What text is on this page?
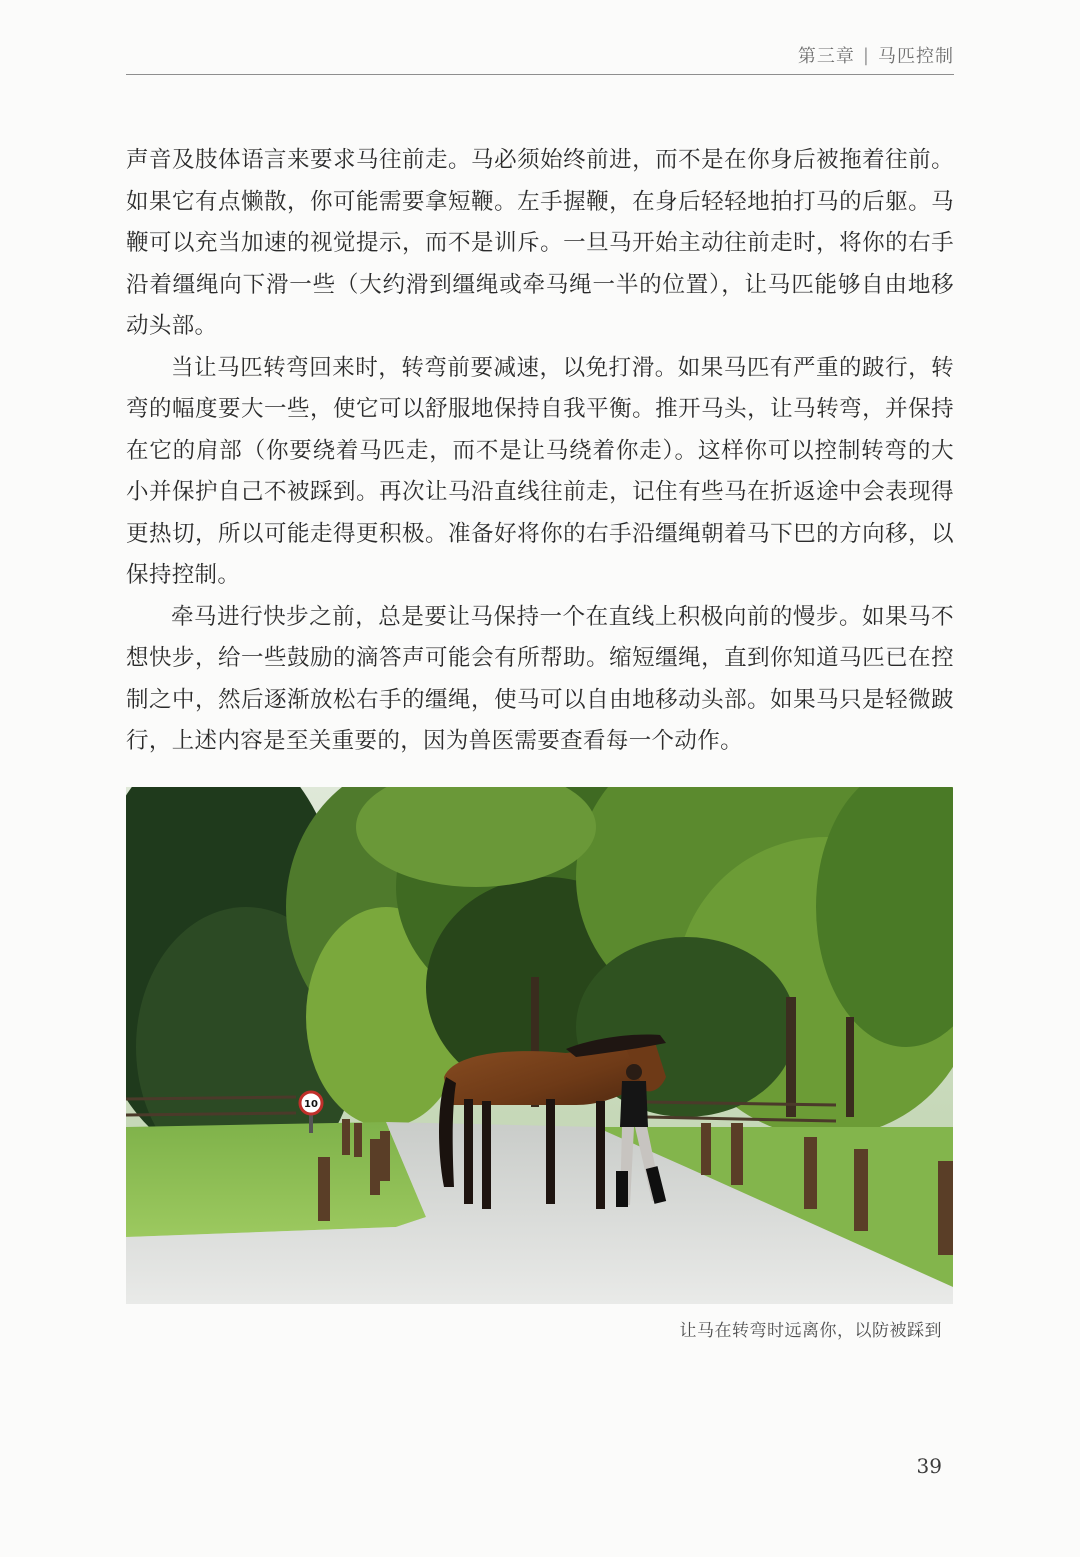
第三章 | 马匹控制

声音及肢体语言来要求马往前走。马必须始终前进，而不是在你身后被拖着往前。如果它有点懒散，你可能需要拿短鞭。左手握鞭，在身后轻轻地拍打马的后躯。马鞭可以充当加速的视觉提示，而不是训斥。一旦马开始主动往前走时，将你的右手沿着缰绳向下滑一些（大约滑到缰绳或牵马绳一半的位置），让马匹能够自由地移动头部。

当让马匹转弯回来时，转弯前要减速，以免打滑。如果马匹有严重的跛行，转弯的幅度要大一些，使它可以舒服地保持自我平衡。推开马头，让马转弯，并保持在它的肩部（你要绕着马匹走，而不是让马绕着你走）。这样你可以控制转弯的大小并保护自己不被踩到。再次让马沿直线往前走，记住有些马在折返途中会表现得更热切，所以可能走得更积极。准备好将你的右手沿缰绳朝着马下巴的方向移，以保持控制。

牵马进行快步之前，总是要让马保持一个在直线上积极向前的慢步。如果马不想快步，给一些鼓励的滴答声可能会有所帮助。缩短缰绳，直到你知道马匹已在控制之中，然后逐渐放松右手的缰绳，使马可以自由地移动头部。如果马只是轻微跛行，上述内容是至关重要的，因为兽医需要查看每一个动作。

10
让马在转弯时远离你，以防被踩到
39
